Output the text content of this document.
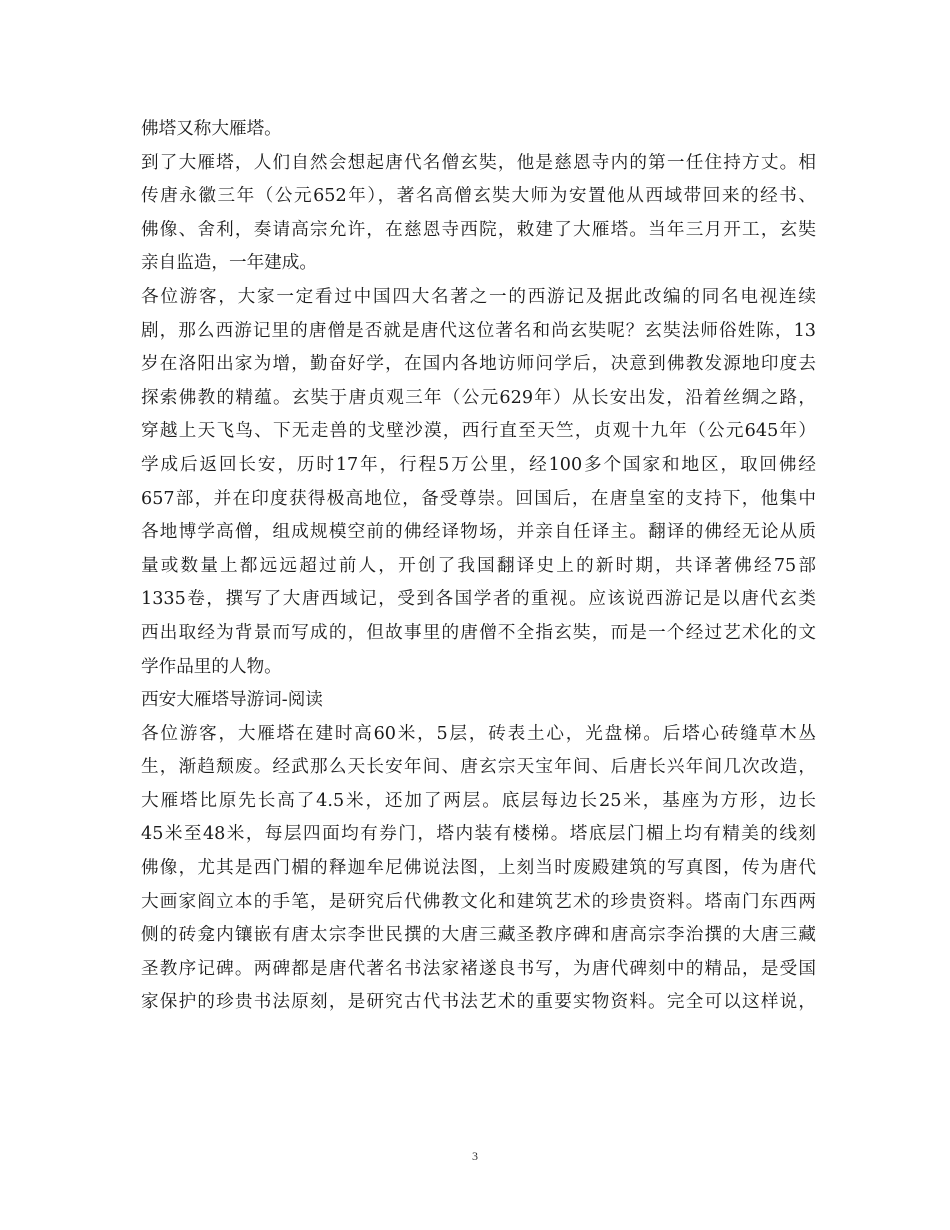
佛塔又称大雁塔。
到了大雁塔，人们自然会想起唐代名僧玄奘，他是慈恩寺内的第一任住持方丈。相
传唐永徽三年（公元652年），著名高僧玄奘大师为安置他从西域带回来的经书、
佛像、舍利，奏请高宗允许，在慈恩寺西院，敕建了大雁塔。当年三月开工，玄奘
亲自监造，一年建成。
各位游客，大家一定看过中国四大名著之一的西游记及据此改编的同名电视连续
剧，那么西游记里的唐僧是否就是唐代这位著名和尚玄奘呢？玄奘法师俗姓陈，13
岁在洛阳出家为增，勤奋好学，在国内各地访师问学后，决意到佛教发源地印度去
探索佛教的精蕴。玄奘于唐贞观三年（公元629年）从长安出发，沿着丝绸之路，
穿越上天飞鸟、下无走兽的戈壁沙漠，西行直至天竺，贞观十九年（公元645年）
学成后返回长安，历时17年，行程5万公里，经100多个国家和地区，取回佛经
657部，并在印度获得极高地位，备受尊崇。回国后，在唐皇室的支持下，他集中
各地博学高僧，组成规模空前的佛经译物场，并亲自任译主。翻译的佛经无论从质
量或数量上都远远超过前人，开创了我国翻译史上的新时期，共译著佛经75部
1335卷，撰写了大唐西域记，受到各国学者的重视。应该说西游记是以唐代玄类
西出取经为背景而写成的，但故事里的唐僧不全指玄奘，而是一个经过艺术化的文
学作品里的人物。
西安大雁塔导游词-阅读
各位游客，大雁塔在建时高60米，5层，砖表土心，光盘梯。后塔心砖缝草木丛
生，渐趋颓废。经武那么天长安年间、唐玄宗天宝年间、后唐长兴年间几次改造，
大雁塔比原先长高了4.5米，还加了两层。底层每边长25米，基座为方形，边长
45米至48米，每层四面均有券门，塔内装有楼梯。塔底层门楣上均有精美的线刻
佛像，尤其是西门楣的释迦牟尼佛说法图，上刻当时废殿建筑的写真图，传为唐代
大画家阎立本的手笔，是研究后代佛教文化和建筑艺术的珍贵资料。塔南门东西两
侧的砖龛内镶嵌有唐太宗李世民撰的大唐三藏圣教序碑和唐高宗李治撰的大唐三藏
圣教序记碑。两碑都是唐代著名书法家褚遂良书写，为唐代碑刻中的精品，是受国
家保护的珍贵书法原刻，是研究古代书法艺术的重要实物资料。完全可以这样说，
3
